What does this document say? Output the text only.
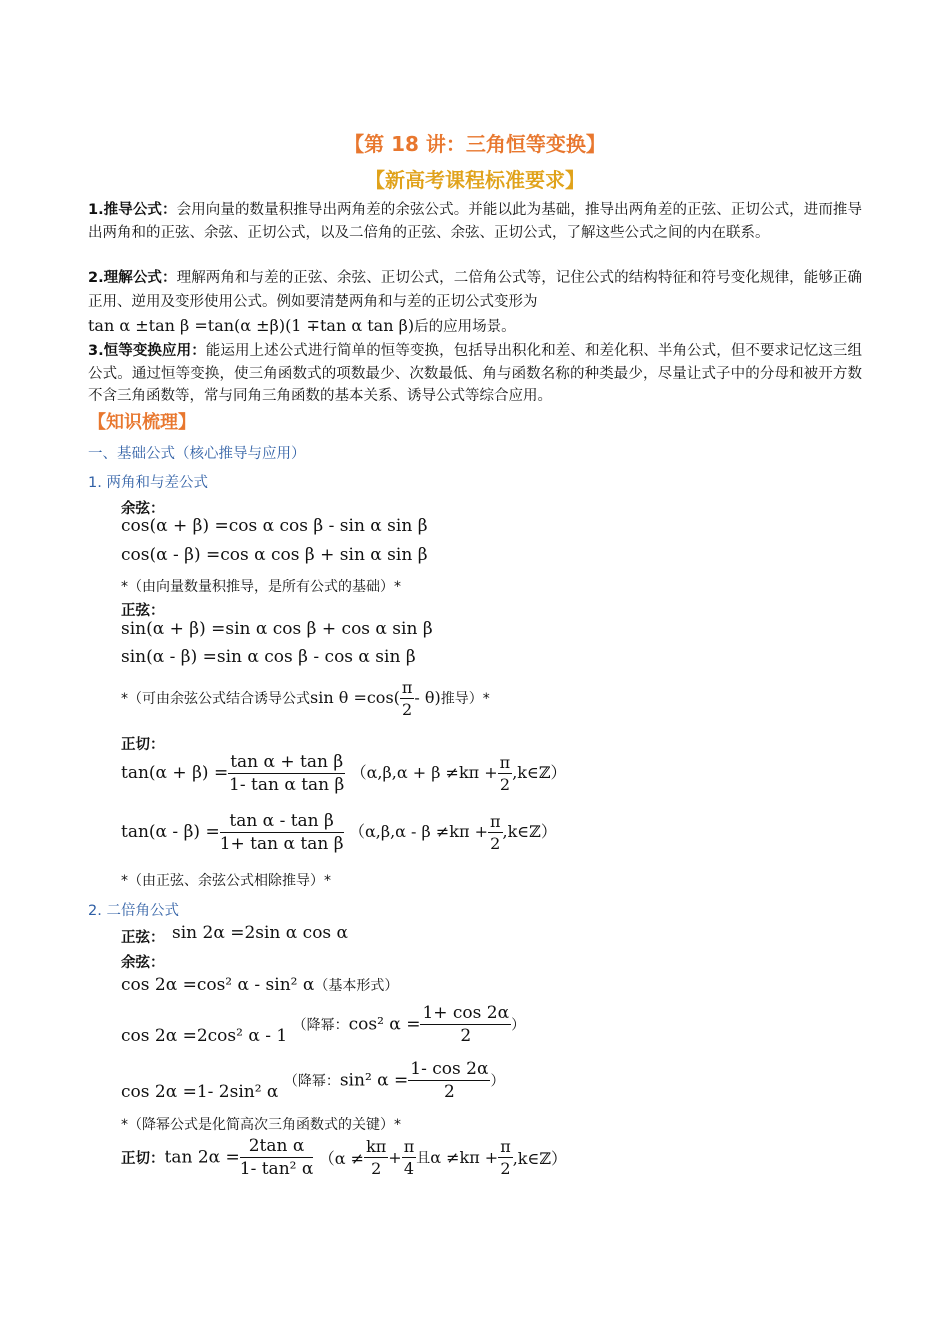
【第 18 讲：三角恒等变换】
【新高考课程标准要求】
1.推导公式：会用向量的数量积推导出两角差的余弦公式。并能以此为基础，推导出两角差的正弦、正切公式，进而推导出两角和的正弦、余弦、正切公式，以及二倍角的正弦、余弦、正切公式，了解这些公式之间的内在联系。
2.理解公式：理解两角和与差的正弦、余弦、正切公式，二倍角公式等，记住公式的结构特征和符号变化规律，能够正确正用、逆用及变形使用公式。例如要清楚两角和与差的正切公式变形为
tan α ±tan β =tan(α ±β)(1 ∓tan α tan β)后的应用场景。
3.恒等变换应用：能运用上述公式进行简单的恒等变换，包括导出积化和差、和差化积、半角公式，但不要求记忆这三组公式。通过恒等变换，使三角函数式的项数最少、次数最低、角与函数名称的种类最少，尽量让式子中的分母和被开方数不含三角函数等，常与同角三角函数的基本关系、诱导公式等综合应用。
【知识梳理】
一、基础公式（核心推导与应用）
1. 两角和与差公式
余弦：
cos(α + β) =cos α cos β - sin α sin β
cos(α - β) =cos α cos β + sin α sin β
*（由向量数量积推导，是所有公式的基础）*
正弦：
sin(α + β) =sin α cos β + cos α sin β
sin(α - β) =sin α cos β - cos α sin β
*（可由余弦公式结合诱导公式$\sin \theta =\cos( \frac{\pi}{2} - \theta)$推导）*
正切：
$\tan(\alpha + \beta) = \frac{\text{tan α + tan β}}{\text{1- tan α tan β}} (\alpha,\beta,\alpha + \beta \ne k\pi + \frac{\pi}{2}$ ,k∈ℤ）
$\tan(\alpha - \beta) = \frac{\text{tan α - tan β}}{\text{1+ tan α tan β}} (\alpha,\beta,\alpha - \beta \ne k\pi + \frac{\pi}{2}$ ,k∈ℤ）
*（由正弦、余弦公式相除推导）*
2. 二倍角公式
正弦： sin 2α =2sin α cos α
余弦：
cos 2α =cos² α - sin² α（基本形式）
cos 2α =2cos² α - 1 （降幂：cos² $\alpha = \frac{1+ \cos 2\alpha}{2}$ ）
cos 2α =1- 2sin² α （降幂：sin² $\alpha = \frac{1- \cos 2\alpha}{2}$ ）
*（降幂公式是化简高次三角函数式的关键）*
正切：$\tan 2\alpha = \frac{\text{2tan α}}{\text{1- tan² α}} (\alpha \ne \frac{k\pi}{2} + \frac{\pi}{4}$ 且$\alpha \ne k\pi + \frac{\pi}{2}$ ,k∈ℤ）
